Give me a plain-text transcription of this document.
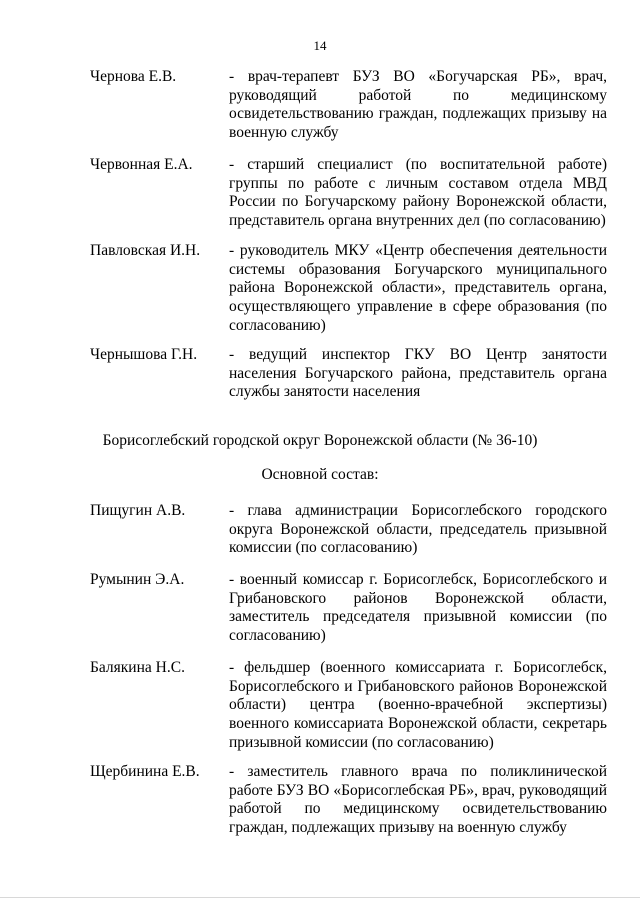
14
Чернова Е.В.	- врач-терапевт БУЗ ВО «Богучарская РБ», врач, руководящий работой по медицинскому освидетельствованию граждан, подлежащих призыву на военную службу
Червонная Е.А. - старший специалист (по воспитательной работе) группы по работе с личным составом отдела МВД России по Богучарскому району Воронежской области, представитель органа внутренних дел (по согласованию)
Павловская И.Н. - руководитель МКУ «Центр обеспечения деятельности системы образования Богучарского муниципального района Воронежской области», представитель органа, осуществляющего управление в сфере образования (по согласованию)
Чернышова Г.Н. - ведущий инспектор ГКУ ВО Центр занятости населения Богучарского района, представитель органа службы занятости населения
Борисоглебский городской округ Воронежской области (№ 36-10)
Основной состав:
Пищугин А.В.	- глава администрации Борисоглебского городского округа Воронежской области, председатель призывной комиссии (по согласованию)
Румынин Э.А.	- военный комиссар г. Борисоглебск, Борисоглебского и Грибановского районов Воронежской области, заместитель председателя призывной комиссии (по согласованию)
Балякина Н.С.	- фельдшер (военного комиссариата г. Борисоглебск, Борисоглебского и Грибановского районов Воронежской области) центра (военно-врачебной экспертизы) военного комиссариата Воронежской области, секретарь призывной комиссии (по согласованию)
Щербинина Е.В. - заместитель главного врача по поликлинической работе БУЗ ВО «Борисоглебская РБ», врач, руководящий работой по медицинскому освидетельствованию граждан, подлежащих призыву на военную службу
